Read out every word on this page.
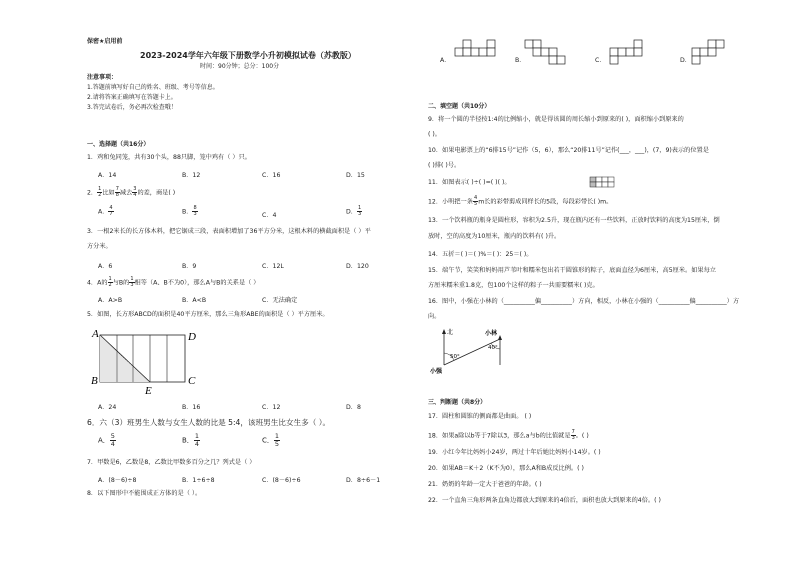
保密★启用前
2023-2024学年六年级下册数学小升初模拟试卷（苏教版）
时间：90分钟；总分：100分
注意事项：
1.答题前填写好自己的姓名、班级、考号等信息。
2.请将答案正确填写在答题卡上。
3.答完试卷后，务必再次检查哦！
一、选择题（共16分）
1．鸡和兔同笼，共有30个头，88只脚，笼中鸡有（ ）只。
A．14	B．12	C．16	D．15
2． $\frac{1}{2}$ 比如 $\frac{7}{8}$ 减去 $\frac{3}{4}$ 的差，商是( )
A． $\frac{4}{7}$	B． $\frac{8}{3}$	C．4	D． $\frac{1}{3}$
3．一根2米长的长方体木料，把它锯成三段，表面积增加了36平方分米，这根木料的横截面积是（ ）平
方分米。
A．6	B．9	C．12L	D．120
4．A的 $\frac{1}{2}$ 与B的 $\frac{1}{3}$ 相等（A、B不为0），那么A与B的关系是（ ）
A．A>B	B．A<B	C．无法确定
5．如图，长方形ABCD的面积是40平方厘米，那么三角形ABE的面积是（ ）平方厘米。
A	D
B
E
C
A．24	B．16	C．12	D．8
6．六（3）班男生人数与女生人数的比是 5:4，该班男生比女生多（ ）。
A． $\frac{5}{4}$	B． $\frac{1}{4}$	C． $\frac{1}{5}$
7．甲数是6，乙数是8，乙数比甲数多百分之几？列式是（ ）
A．(8－6)÷8	B．1÷6÷8	C．(8－6)÷6	D．8÷6－1
8．以下图形中不能围成正方体的是（ ）。
A．	B．	C．	D．
二、填空题（共10分）
9．将一个圆的半径按1:4的比例缩小，就是得该圆的周长缩小到原来的( )，面积缩小到原来的
( )。
10．如果电影票上的“6排15号”记作（5，6），那么“20排11号”记作(___，___)，(7，9)表示的位置是
( )排( )号。
11．如图表示( )÷( )=( )( )。
12．小明把一条 $\frac{4}{5}$ m长的彩带剪成同样长的5段，每段彩带长( )m。
13．一个饮料瓶的瓶身是圆柱形，容积为2.5升，现在瓶内还有一些饮料，正放时饮料的高度为15厘米，倒
放时，空的高度为10厘米，瓶内的饮料有( )升。
14．五折＝( )＝( )%＝( )：25＝( )。
15．端午节，笑笑和妈妈用芦苇叶和糯米包出若干圆锥形的粽子，底面直径为6厘米，高5厘米。如果每立
方厘米糯米重1.8克，包100个这样的粽子一共需要糯米( )克。
16．图中，小强在小林的（__________偏__________）方向，相反，小林在小强的（__________偏__________）方
向。
北	小林
40°
50°
小强
三、判断题（共8分）
17．圆柱和圆锥的侧面都是曲面。 ( )
18．如果a除以b等于7除以3，那么a与b的比值就是 $\frac{7}{3}$ 。( )
19．小红今年比妈妈小24岁，两过十年后她比妈妈小14岁。( )
20．如果AB＝K＋2（K不为0），那么A和B成反比例。( )
21．奶奶的年龄一定大于爸爸的年龄。( )
22．一个直角三角形两条直角边都放大到原来的4倍后，面积也放大到原来的4倍。( )
